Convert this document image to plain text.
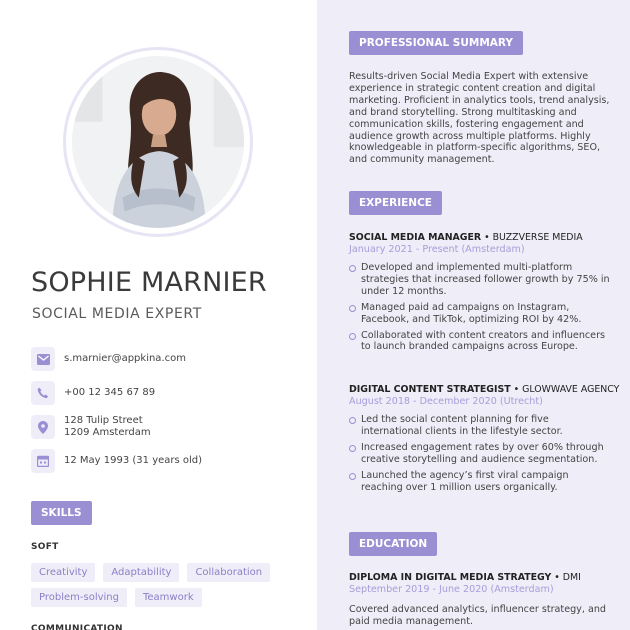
SOPHIE MARNIER
SOCIAL MEDIA EXPERT
s.marnier@appkina.com
+00 12 345 67 89
128 Tulip Street
1209 Amsterdam
12 May 1993 (31 years old)
SKILLS
SOFT
Creativity	Adaptability	Collaboration
Problem-solving	Teamwork
COMMUNICATION
PROFESSIONAL SUMMARY
Results-driven Social Media Expert with extensive experience in strategic content creation and digital marketing. Proficient in analytics tools, trend analysis, and brand storytelling. Strong multitasking and communication skills, fostering engagement and audience growth across multiple platforms. Highly knowledgeable in platform-specific algorithms, SEO, and community management.
EXPERIENCE
SOCIAL MEDIA MANAGER • BUZZVERSE MEDIA
January 2021 - Present (Amsterdam)
Developed and implemented multi-platform strategies that increased follower growth by 75% in under 12 months.
Managed paid ad campaigns on Instagram, Facebook, and TikTok, optimizing ROI by 42%.
Collaborated with content creators and influencers to launch branded campaigns across Europe.
DIGITAL CONTENT STRATEGIST • GLOWWAVE AGENCY
August 2018 - December 2020 (Utrecht)
Led the social content planning for five international clients in the lifestyle sector.
Increased engagement rates by over 60% through creative storytelling and audience segmentation.
Launched the agency’s first viral campaign reaching over 1 million users organically.
EDUCATION
DIPLOMA IN DIGITAL MEDIA STRATEGY • DMI
September 2019 - June 2020 (Amsterdam)
Covered advanced analytics, influencer strategy, and paid media management.
